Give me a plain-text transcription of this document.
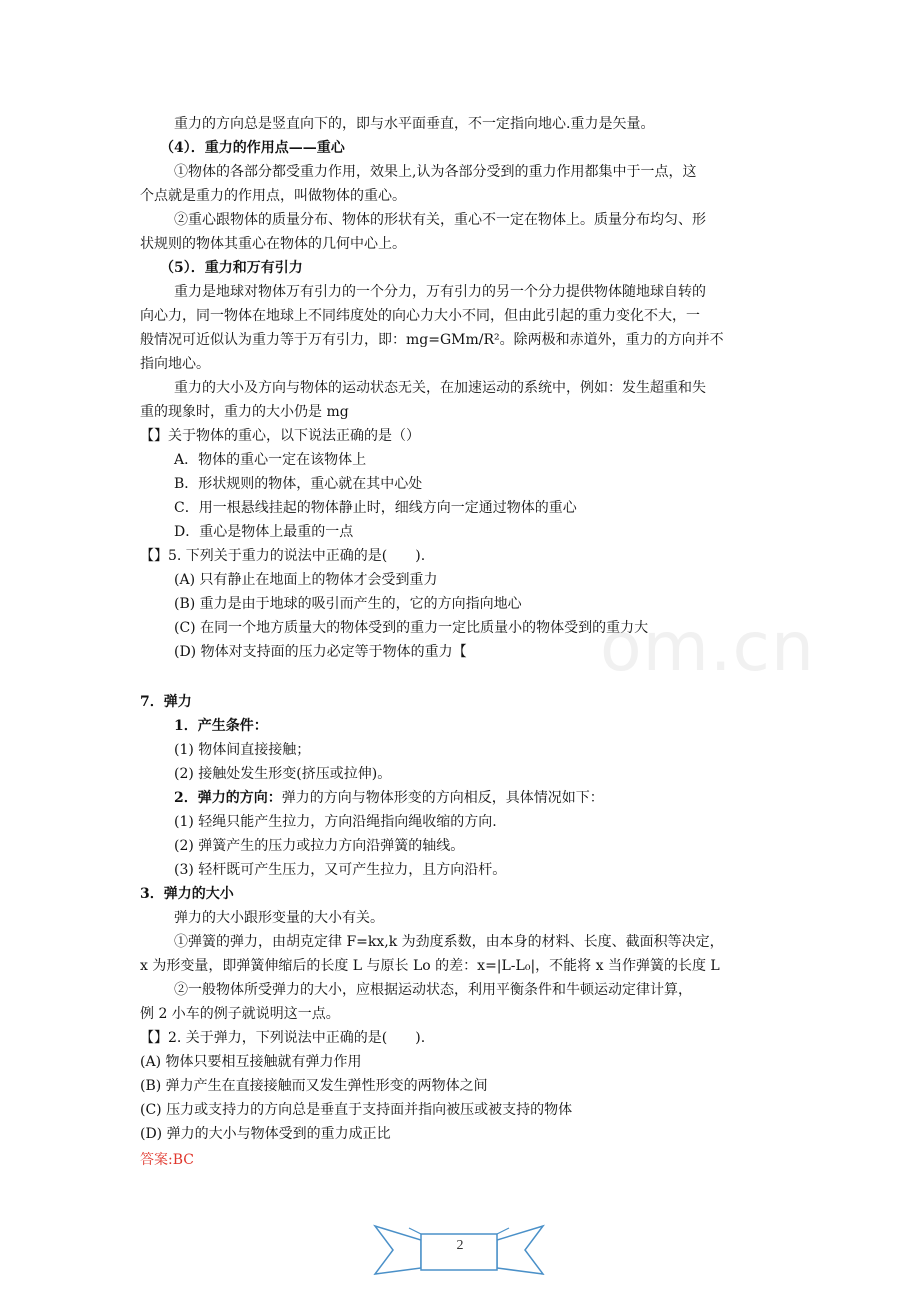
om.cn
重力的方向总是竖直向下的，即与水平面垂直，不一定指向地心.重力是矢量。
（4）．重力的作用点——重心
①物体的各部分都受重力作用，效果上,认为各部分受到的重力作用都集中于一点，这
个点就是重力的作用点，叫做物体的重心。
②重心跟物体的质量分布、物体的形状有关，重心不一定在物体上。质量分布均匀、形
状规则的物体其重心在物体的几何中心上。
（5）．重力和万有引力
重力是地球对物体万有引力的一个分力，万有引力的另一个分力提供物体随地球自转的
向心力，同一物体在地球上不同纬度处的向心力大小不同，但由此引起的重力变化不大，一
般情况可近似认为重力等于万有引力，即：mg=GMm/R²。除两极和赤道外，重力的方向并不
指向地心。
重力的大小及方向与物体的运动状态无关，在加速运动的系统中，例如：发生超重和失
重的现象时，重力的大小仍是 mg
【】关于物体的重心，以下说法正确的是（）
A．物体的重心一定在该物体上
B．形状规则的物体，重心就在其中心处
C．用一根悬线挂起的物体静止时，细线方向一定通过物体的重心
D．重心是物体上最重的一点
【】5. 下列关于重力的说法中正确的是(　　).
(A) 只有静止在地面上的物体才会受到重力
(B) 重力是由于地球的吸引而产生的，它的方向指向地心
(C) 在同一个地方质量大的物体受到的重力一定比质量小的物体受到的重力大
(D) 物体对支持面的压力必定等于物体的重力【
7．弹力
1．产生条件：
(1) 物体间直接接触；
(2) 接触处发生形变(挤压或拉伸)。
2．弹力的方向：弹力的方向与物体形变的方向相反，具体情况如下：
(1) 轻绳只能产生拉力，方向沿绳指向绳收缩的方向.
(2) 弹簧产生的压力或拉力方向沿弹簧的轴线。
(3) 轻杆既可产生压力，又可产生拉力，且方向沿杆。
3．弹力的大小
弹力的大小跟形变量的大小有关。
①弹簧的弹力，由胡克定律 F=kx,k 为劲度系数，由本身的材料、长度、截面积等决定，
x 为形变量，即弹簧伸缩后的长度 L 与原长 Lo 的差：x=|L-L₀|，不能将 x 当作弹簧的长度 L
②一般物体所受弹力的大小，应根据运动状态，利用平衡条件和牛顿运动定律计算，
例 2 小车的例子就说明这一点。
【】2. 关于弹力，下列说法中正确的是(　　).
(A) 物体只要相互接触就有弹力作用
(B) 弹力产生在直接接触而又发生弹性形变的两物体之间
(C) 压力或支持力的方向总是垂直于支持面并指向被压或被支持的物体
(D) 弹力的大小与物体受到的重力成正比
答案:BC
2
